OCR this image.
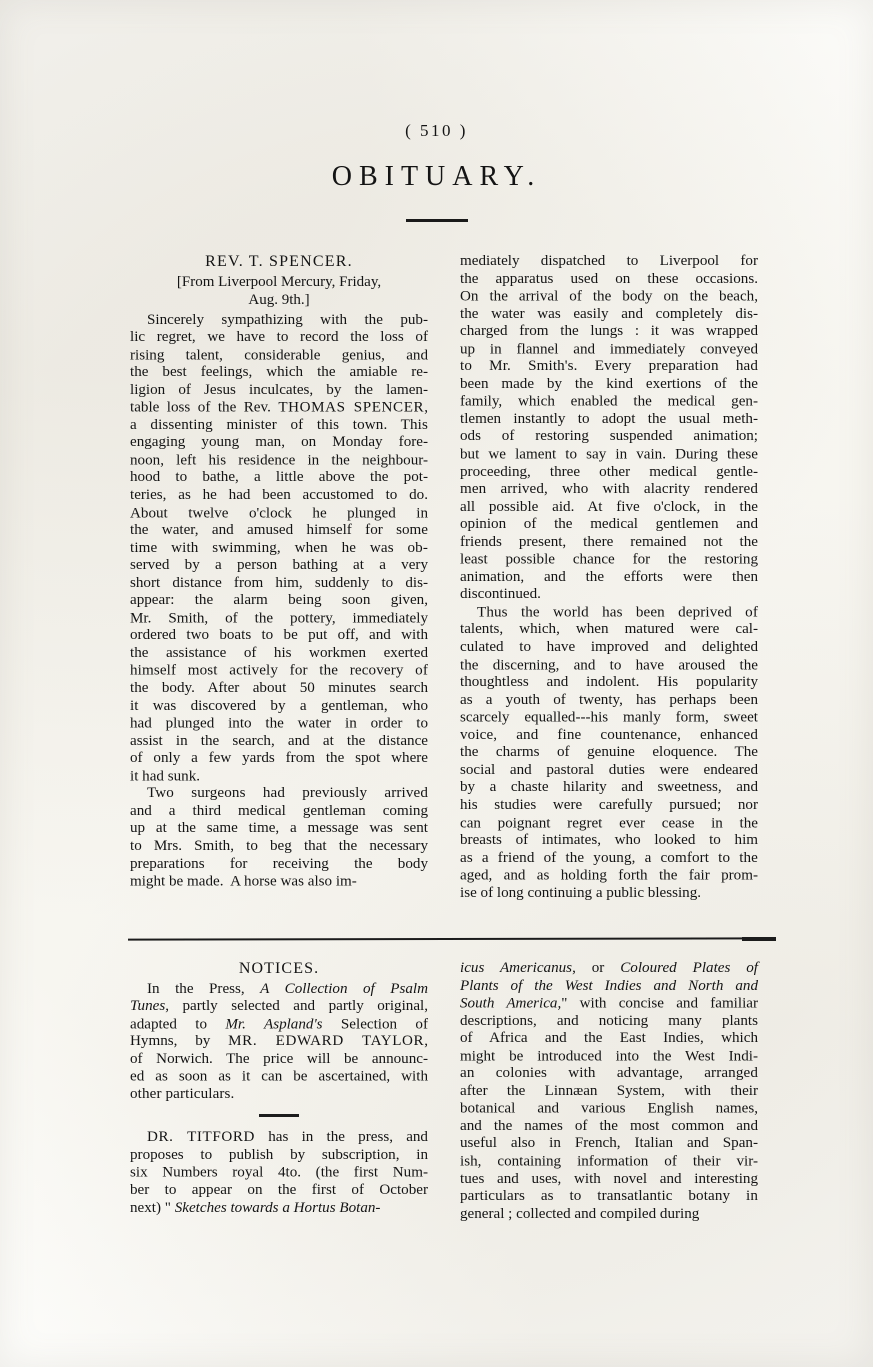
( 510 )
OBITUARY.
REV. T. SPENCER.
[From Liverpool Mercury, Friday,
Aug. 9th.]
Sincerely sympathizing with the pub-
lic regret, we have to record the loss of
rising talent, considerable genius, and
the best feelings, which the amiable re-
ligion of Jesus inculcates, by the lamen-
table loss of the Rev. THOMAS SPENCER,
a dissenting minister of this town. This
engaging young man, on Monday fore-
noon, left his residence in the neighbour-
hood to bathe, a little above the pot-
teries, as he had been accustomed to do.
About twelve o'clock he plunged in
the water, and amused himself for some
time with swimming, when he was ob-
served by a person bathing at a very
short distance from him, suddenly to dis-
appear: the alarm being soon given,
Mr. Smith, of the pottery, immediately
ordered two boats to be put off, and with
the assistance of his workmen exerted
himself most actively for the recovery of
the body. After about 50 minutes search
it was discovered by a gentleman, who
had plunged into the water in order to
assist in the search, and at the distance
of only a few yards from the spot where
it had sunk.
Two surgeons had previously arrived
and a third medical gentleman coming
up at the same time, a message was sent
to Mrs. Smith, to beg that the necessary
preparations for receiving the body
might be made.  A horse was also im-
mediately dispatched to Liverpool for
the apparatus used on these occasions.
On the arrival of the body on the beach,
the water was easily and completely dis-
charged from the lungs : it was wrapped
up in flannel and immediately conveyed
to Mr. Smith's. Every preparation had
been made by the kind exertions of the
family, which enabled the medical gen-
tlemen instantly to adopt the usual meth-
ods of restoring suspended animation;
but we lament to say in vain. During these
proceeding, three other medical gentle-
men arrived, who with alacrity rendered
all possible aid. At five o'clock, in the
opinion of the medical gentlemen and
friends present, there remained not the
least possible chance for the restoring
animation, and the efforts were then
discontinued.
Thus the world has been deprived of
talents, which, when matured were cal-
culated to have improved and delighted
the discerning, and to have aroused the
thoughtless and indolent. His popularity
as a youth of twenty, has perhaps been
scarcely equalled---his manly form, sweet
voice, and fine countenance, enhanced
the charms of genuine eloquence. The
social and pastoral duties were endeared
by a chaste hilarity and sweetness, and
his studies were carefully pursued; nor
can poignant regret ever cease in the
breasts of intimates, who looked to him
as a friend of the young, a comfort to the
aged, and as holding forth the fair prom-
ise of long continuing a public blessing.
NOTICES.
In the Press, A Collection of Psalm
Tunes, partly selected and partly original,
adapted to Mr. Aspland's Selection of
Hymns, by MR. EDWARD TAYLOR,
of Norwich. The price will be announc-
ed as soon as it can be ascertained, with
other particulars.
DR. TITFORD has in the press, and
proposes to publish by subscription, in
six Numbers royal 4to. (the first Num-
ber to appear on the first of October
next) " Sketches towards a Hortus Botan-
icus Americanus, or Coloured Plates of
Plants of the West Indies and North and
South America," with concise and familiar
descriptions, and noticing many plants
of Africa and the East Indies, which
might be introduced into the West Indi-
an colonies with advantage, arranged
after the Linnæan System, with their
botanical and various English names,
and the names of the most common and
useful also in French, Italian and Span-
ish, containing information of their vir-
tues and uses, with novel and interesting
particulars as to transatlantic botany in
general ; collected and compiled during
